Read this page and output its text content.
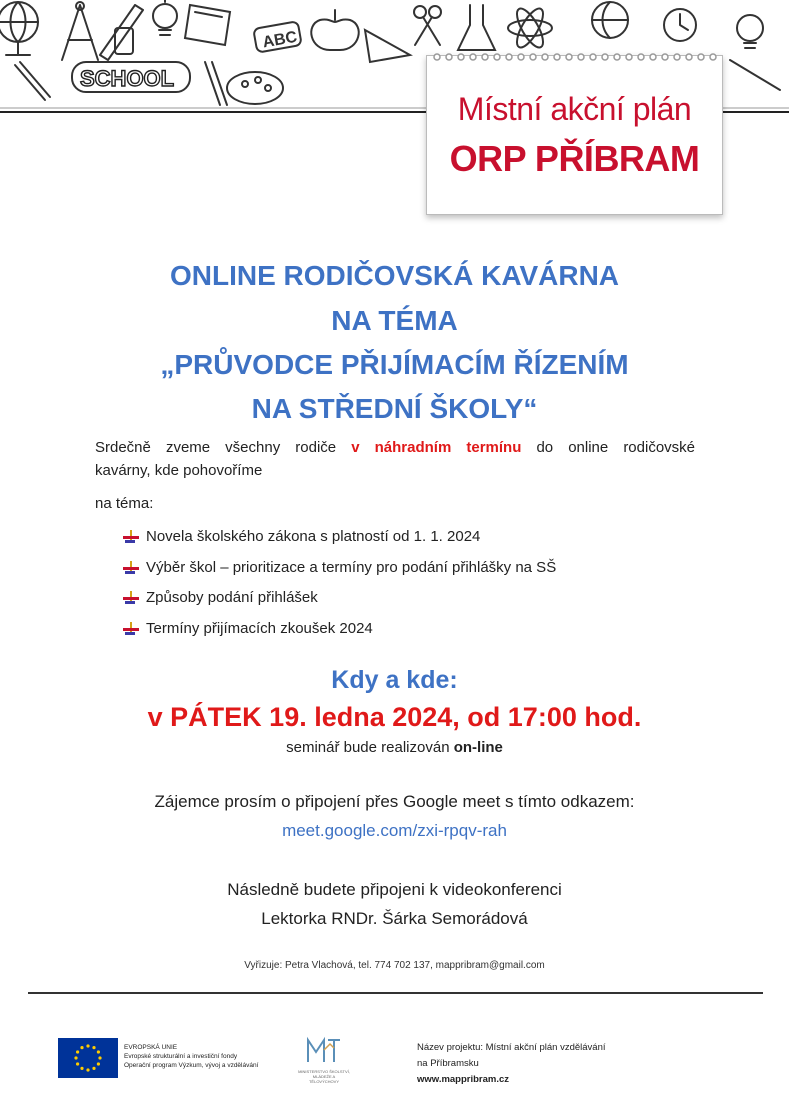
ABC
SCHOOL
Místní akční plán
ORP PŘÍBRAM
ONLINE RODIČOVSKÁ KAVÁRNA
NA TÉMA
„PRŮVODCE PŘIJÍMACÍM ŘÍZENÍM
NA STŘEDNÍ ŠKOLY“
Srdečně zveme všechny rodiče v náhradním termínu do online rodičovské
kavárny, kde pohovoříme
na téma:
Novela školského zákona s platností od 1. 1. 2024
Výběr škol – prioritizace a termíny pro podání přihlášky na SŠ
Způsoby podání přihlášek
Termíny přijímacích zkoušek 2024
Kdy a kde:
v PÁTEK 19. ledna 2024, od 17:00 hod.
seminář bude realizován on-line
Zájemce prosím o připojení přes Google meet s tímto odkazem:
meet.google.com/zxi-rpqv-rah
Následně budete připojeni k videokonferenci
Lektorka RNDr. Šárka Semorádová
Vyřizuje: Petra Vlachová, tel. 774 702 137, mappribram@gmail.com
EVROPSKÁ UNIE
Evropské strukturální a investiční fondy
Operační program Výzkum, vývoj a vzdělávání
MINISTERSTVO ŠKOLSTVÍ,
MLÁDEŽE A TĚLOVÝCHOVY
Název projektu: Místní akční plán vzdělávání
na Příbramsku
www.mappribram.cz
